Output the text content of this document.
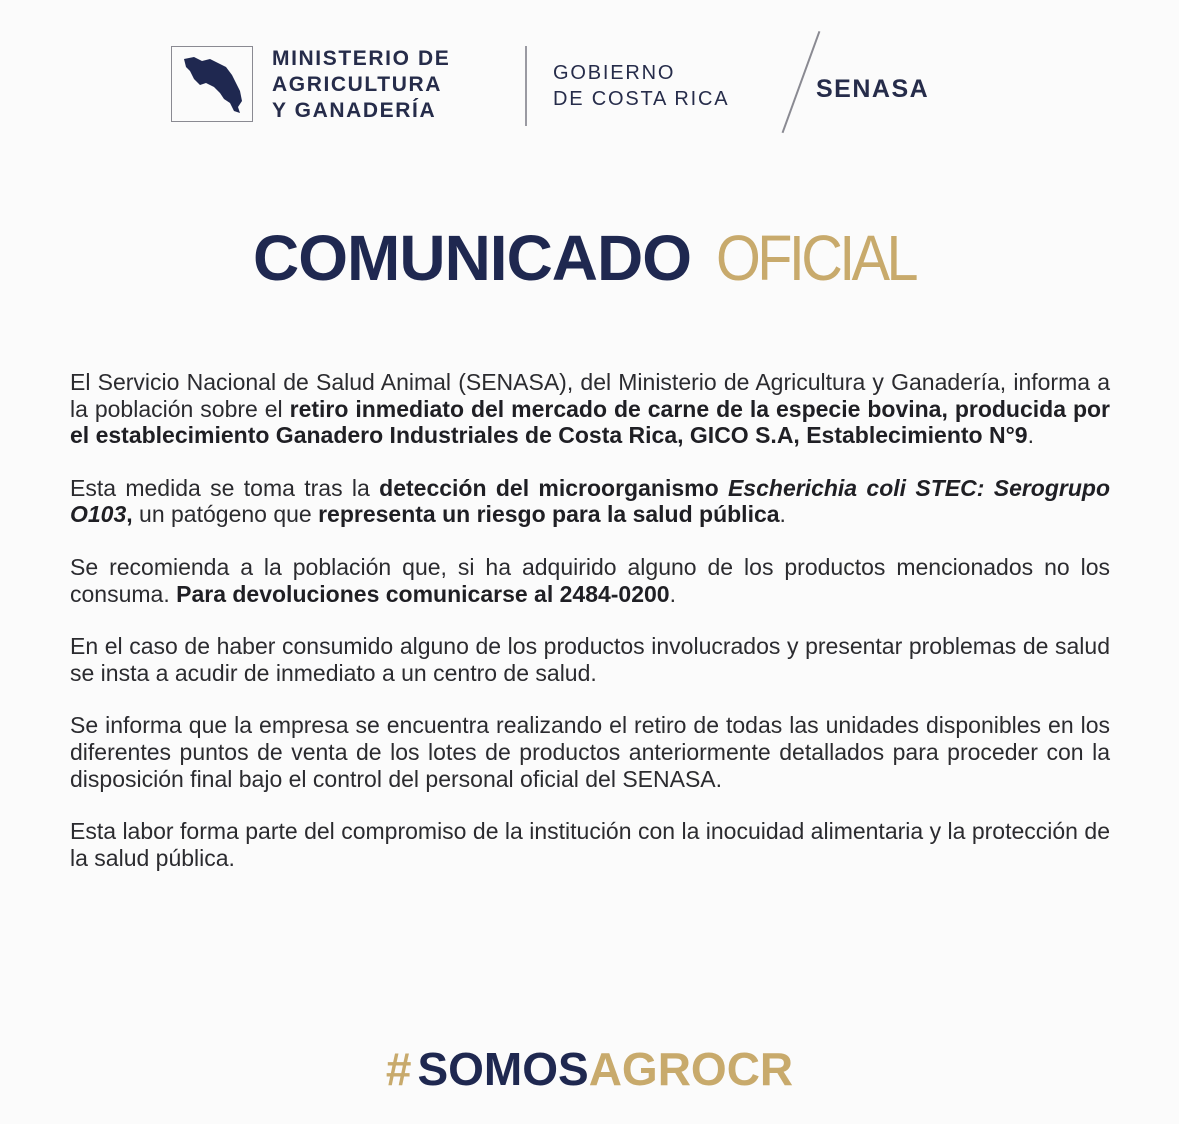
MINISTERIO DE
AGRICULTURA
Y GANADERÍA
GOBIERNO
DE COSTA RICA	SENASA
COMUNICADO OFICIAL

El Servicio Nacional de Salud Animal (SENASA), del Ministerio de Agricultura y Ganadería, informa a la población sobre el retiro inmediato del mercado de carne de la especie bovina, producida por el establecimiento Ganadero Industriales de Costa Rica, GICO S.A, Establecimiento N°9.

Esta medida se toma tras la detección del microorganismo Escherichia coli STEC: Serogrupo O103, un patógeno que representa un riesgo para la salud pública.

Se recomienda a la población que, si ha adquirido alguno de los productos mencionados no los consuma. Para devoluciones comunicarse al 2484-0200.

En el caso de haber consumido alguno de los productos involucrados y presentar problemas de salud se insta a acudir de inmediato a un centro de salud.

Se informa que la empresa se encuentra realizando el retiro de todas las unidades disponibles en los diferentes puntos de venta de los lotes de productos anteriormente detallados para proceder con la disposición final bajo el control del personal oficial del SENASA.

Esta labor forma parte del compromiso de la institución con la inocuidad alimentaria y la protección de la salud pública.

# SOMOSAGROCR
